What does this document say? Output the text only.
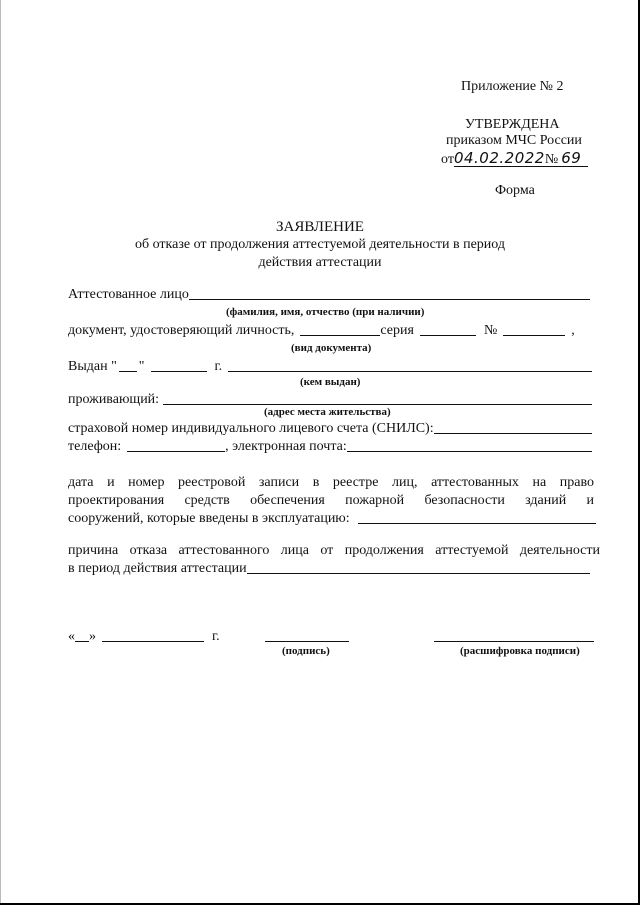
Приложение № 2
УТВЕРЖДЕНА
приказом МЧС России
от04.02.2022№ 69
Форма
ЗАЯВЛЕНИЕ
об отказе от продолжения аттестуемой деятельности в период
действия аттестации
Аттестованное лицо
(фамилия, имя, отчество (при наличии)
документ, удостоверяющий личность,	серия	№	,
(вид документа)
Выдан " "	г.
(кем выдан)
проживающий:
(адрес места жительства)
страховой номер индивидуального лицевого счета (СНИЛС):
телефон:	, электронная почта:
дата и номер реестровой записи в реестре лиц, аттестованных на право
проектирования средств обеспечения пожарной безопасности зданий и
сооружений, которые введены в эксплуатацию:
причина отказа аттестованного лица от продолжения аттестуемой деятельности
в период действия аттестации
« »	г.
(подпись)	(расшифровка подписи)
